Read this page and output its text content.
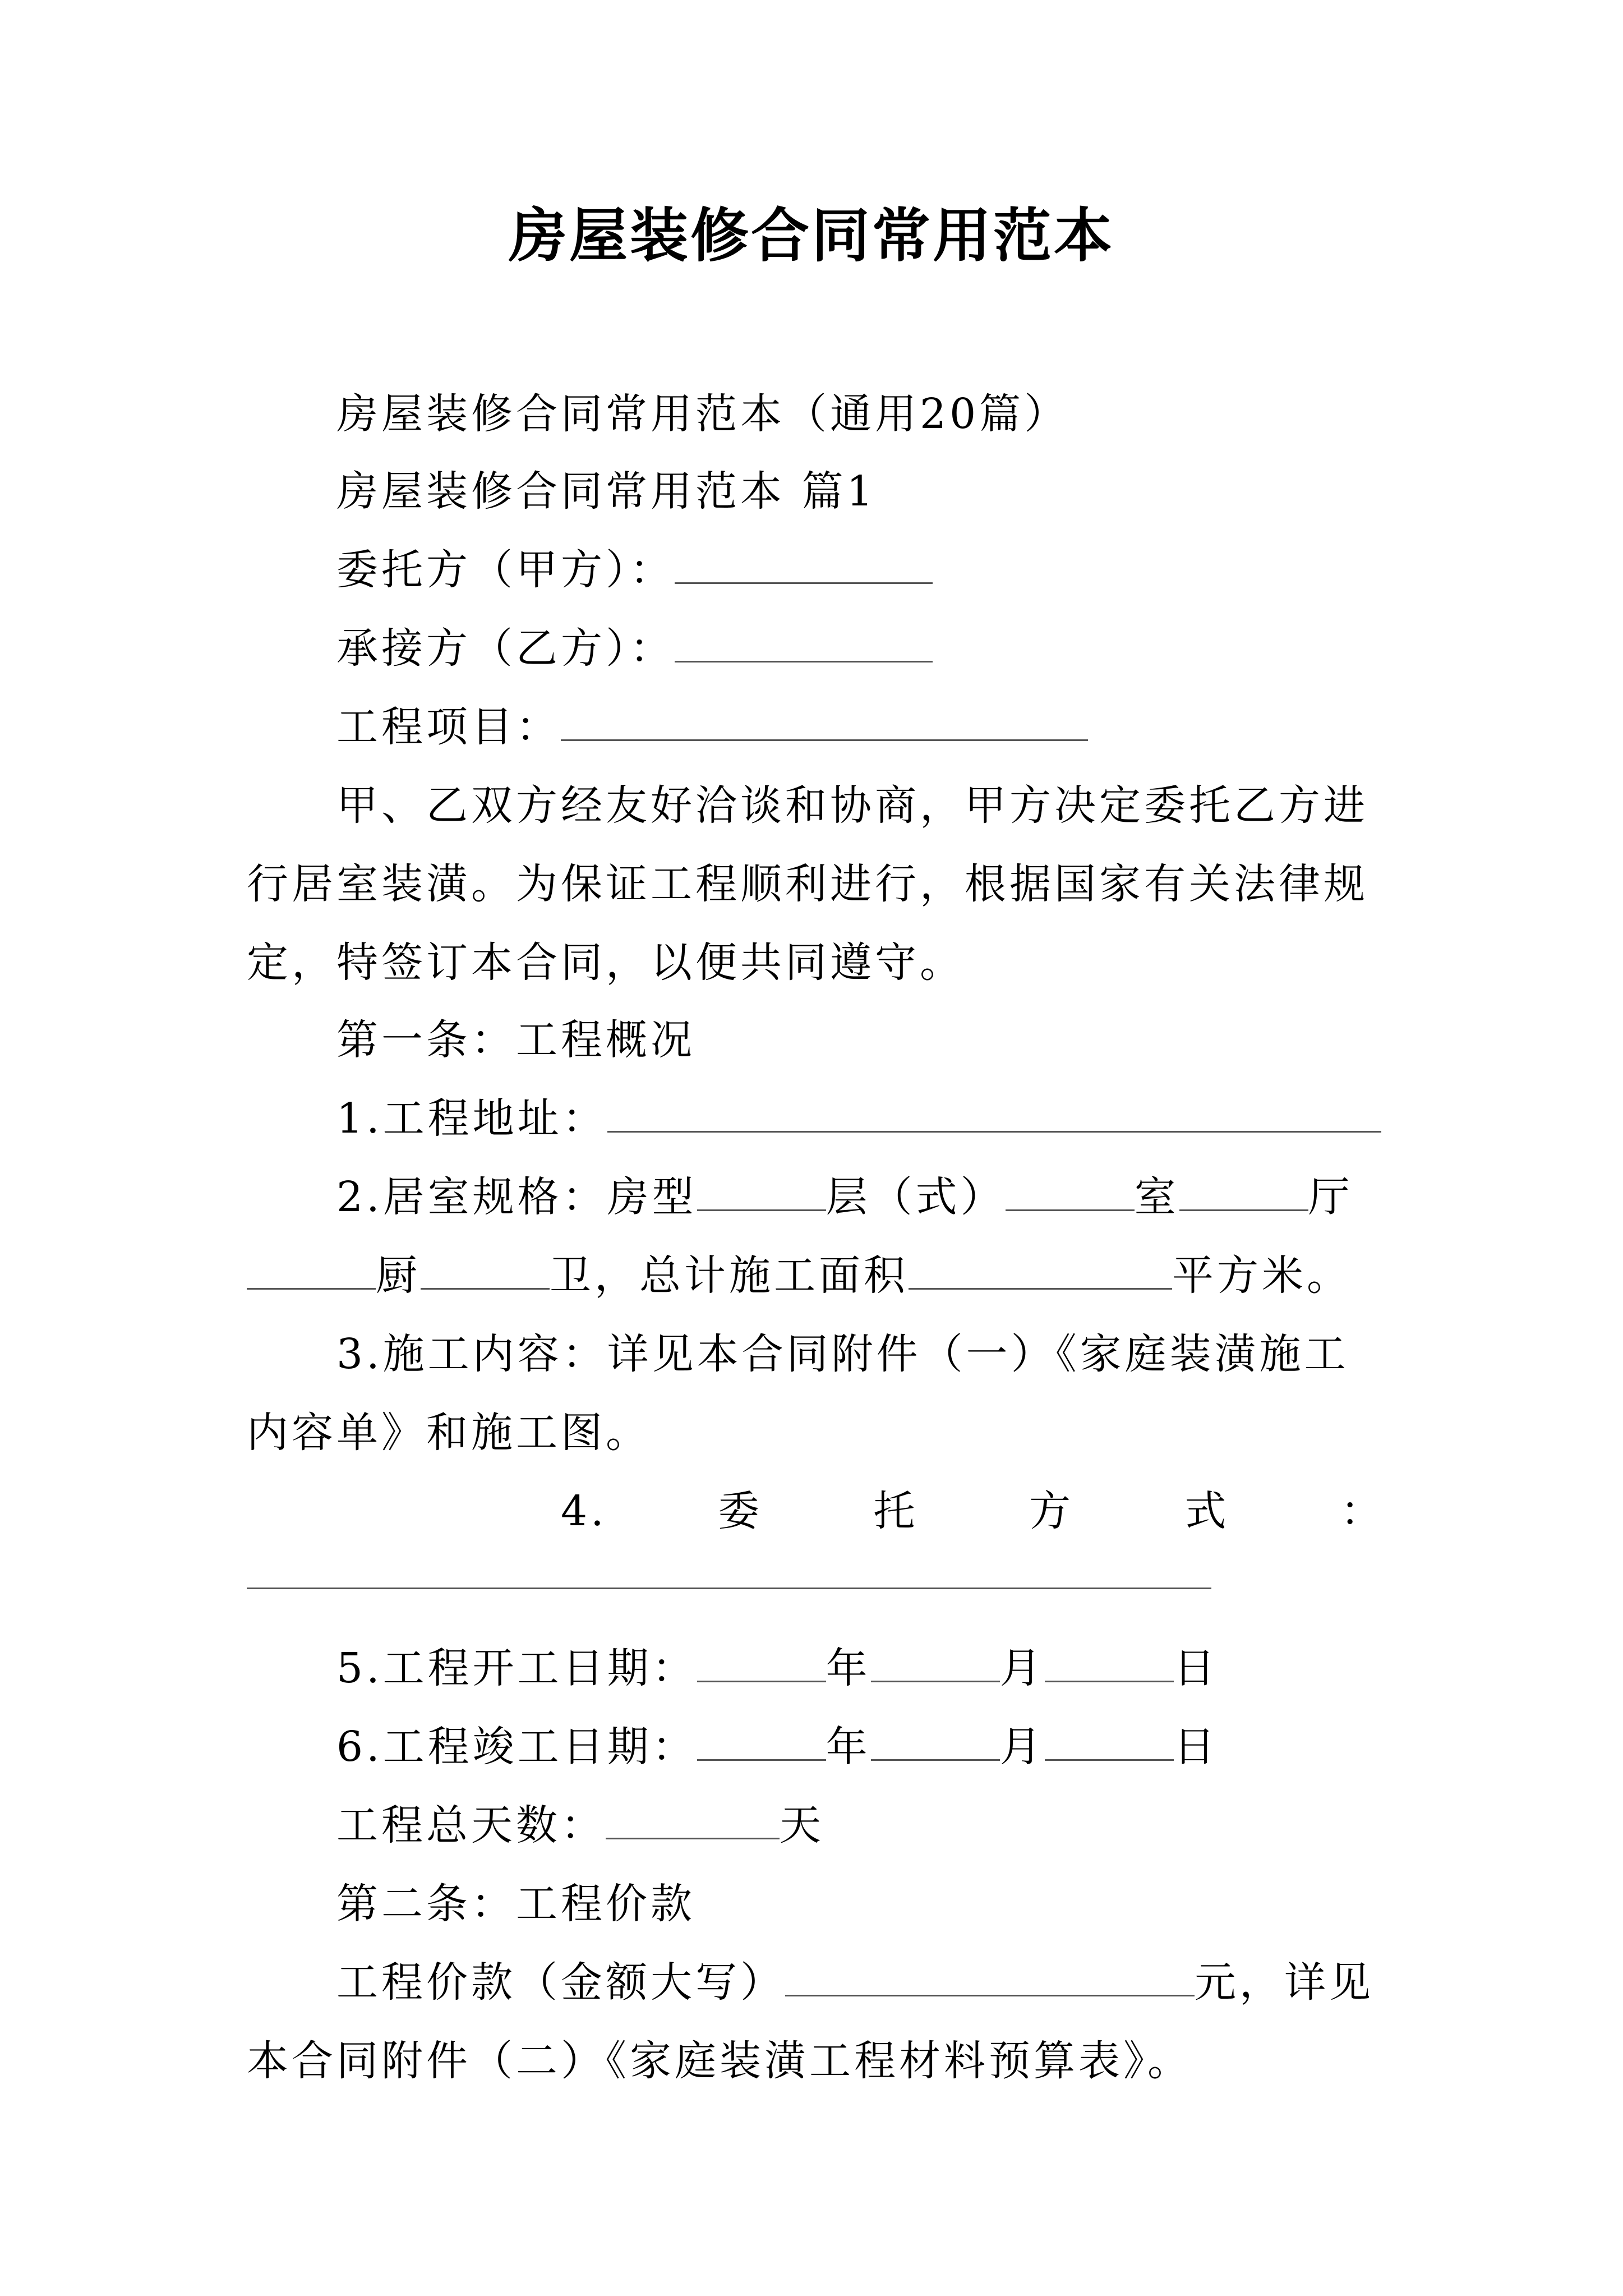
房屋装修合同常用范本
房屋装修合同常用范本（通用20篇）
房屋装修合同常用范本 篇1
委托方（甲方）：
承接方（乙方）：
工程项目：
甲、乙双方经友好洽谈和协商，甲方决定委托乙方进行居室装潢。为保证工程顺利进行，根据国家有关法律规定，特签订本合同，以便共同遵守。
第一条：工程概况
1.工程地址：
2.居室规格：房型	层（式）	室	厅
厨	卫，总计施工面积	平方米。
3.施工内容：详见本合同附件（一）《家庭装潢施工内容单》和施工图。
4.	委	托	方	式	：
5.工程开工日期：	年	月	日
6.工程竣工日期：	年	月	日
工程总天数：	天
第二条：工程价款
工程价款（金额大写）	元，详见本合同附件（二）《家庭装潢工程材料预算表》。
